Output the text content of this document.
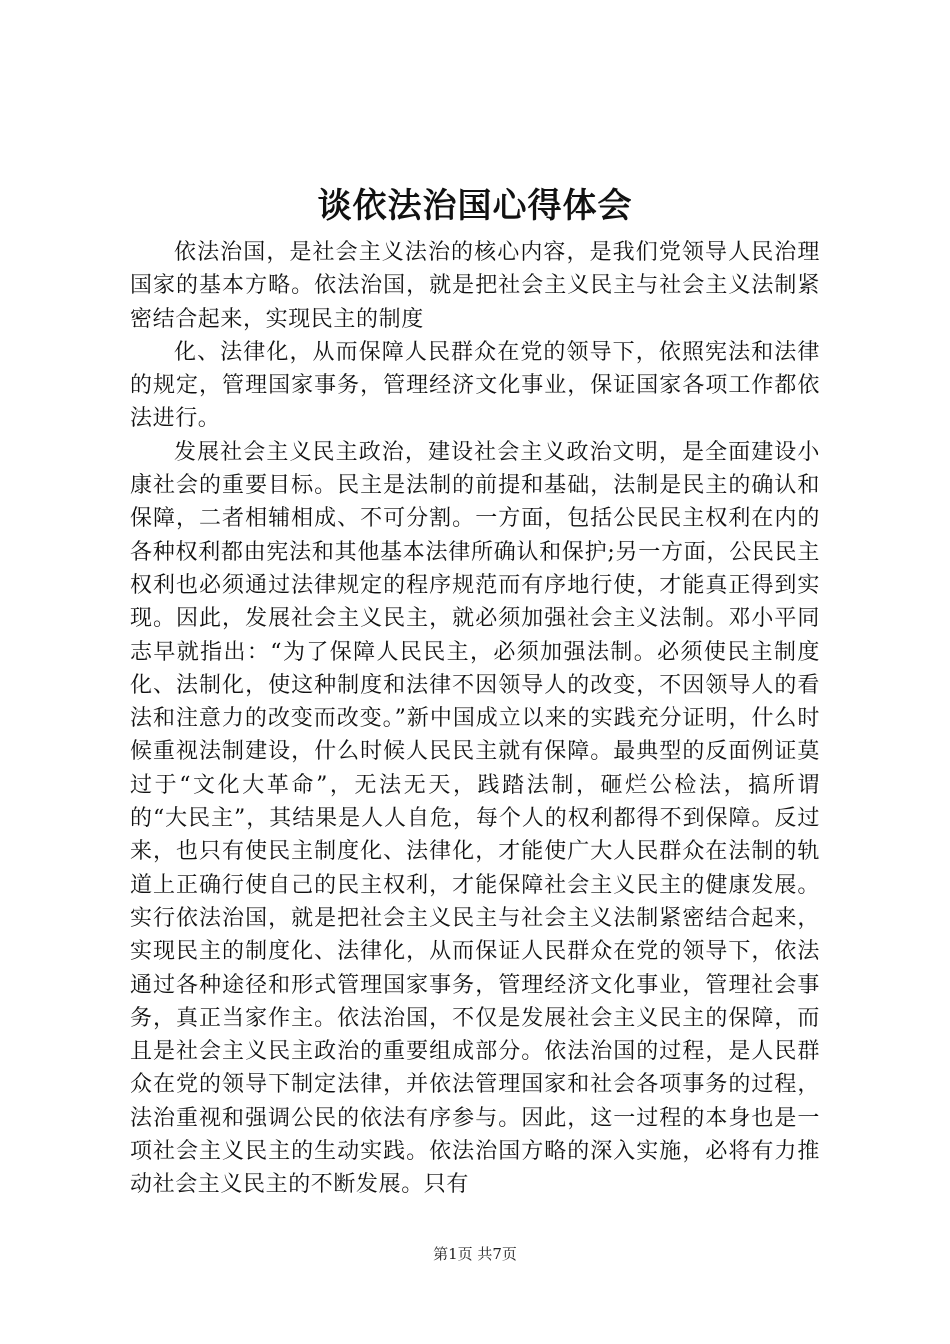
谈依法治国心得体会

依法治国，是社会主义法治的核心内容，是我们党领导人民治理国家的基本方略。依法治国，就是把社会主义民主与社会主义法制紧密结合起来，实现民主的制度

化、法律化，从而保障人民群众在党的领导下，依照宪法和法律的规定，管理国家事务，管理经济文化事业，保证国家各项工作都依法进行。

发展社会主义民主政治，建设社会主义政治文明，是全面建设小康社会的重要目标。民主是法制的前提和基础，法制是民主的确认和保障，二者相辅相成、不可分割。一方面，包括公民民主权利在内的各种权利都由宪法和其他基本法律所确认和保护;另一方面，公民民主权利也必须通过法律规定的程序规范而有序地行使，才能真正得到实现。因此，发展社会主义民主，就必须加强社会主义法制。邓小平同志早就指出：“为了保障人民民主，必须加强法制。必须使民主制度化、法制化，使这种制度和法律不因领导人的改变，不因领导人的看法和注意力的改变而改变。”新中国成立以来的实践充分证明，什么时候重视法制建设，什么时候人民民主就有保障。最典型的反面例证莫过于“文化大革命”，无法无天，践踏法制，砸烂公检法，搞所谓的“大民主”，其结果是人人自危，每个人的权利都得不到保障。反过来，也只有使民主制度化、法律化，才能使广大人民群众在法制的轨道上正确行使自己的民主权利，才能保障社会主义民主的健康发展。实行依法治国，就是把社会主义民主与社会主义法制紧密结合起来，实现民主的制度化、法律化，从而保证人民群众在党的领导下，依法通过各种途径和形式管理国家事务，管理经济文化事业，管理社会事务，真正当家作主。依法治国，不仅是发展社会主义民主的保障，而且是社会主义民主政治的重要组成部分。依法治国的过程，是人民群众在党的领导下制定法律，并依法管理国家和社会各项事务的过程，法治重视和强调公民的依法有序参与。因此，这一过程的本身也是一项社会主义民主的生动实践。依法治国方略的深入实施，必将有力推动社会主义民主的不断发展。只有

第1页 共7页
